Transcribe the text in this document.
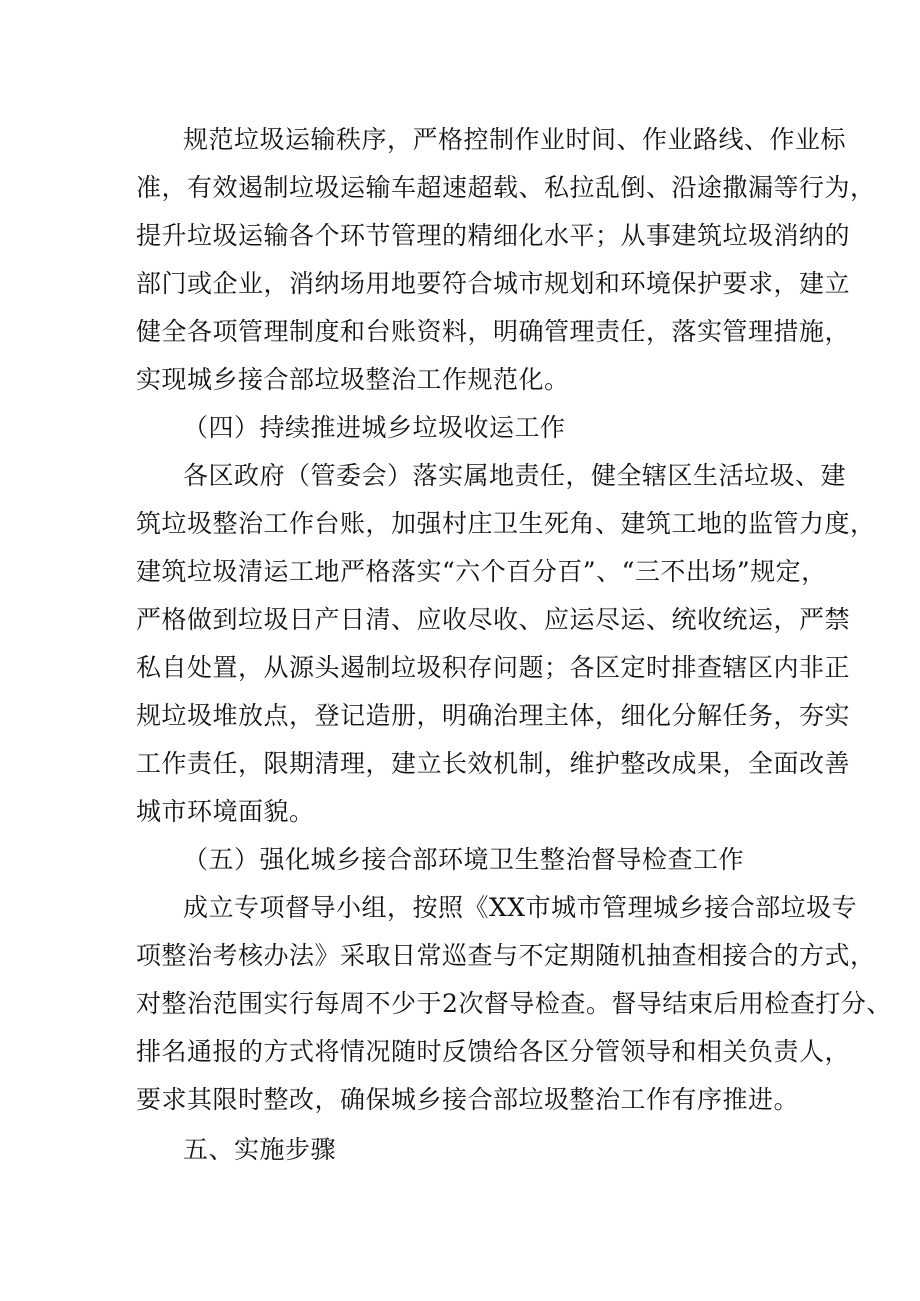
规范垃圾运输秩序，严格控制作业时间、作业路线、作业标
准，有效遏制垃圾运输车超速超载、私拉乱倒、沿途撒漏等行为，
提升垃圾运输各个环节管理的精细化水平；从事建筑垃圾消纳的
部门或企业，消纳场用地要符合城市规划和环境保护要求，建立
健全各项管理制度和台账资料，明确管理责任，落实管理措施，
实现城乡接合部垃圾整治工作规范化。
（四）持续推进城乡垃圾收运工作
各区政府（管委会）落实属地责任，健全辖区生活垃圾、建
筑垃圾整治工作台账，加强村庄卫生死角、建筑工地的监管力度，
建筑垃圾清运工地严格落实“六个百分百”、“三不出场”规定，
严格做到垃圾日产日清、应收尽收、应运尽运、统收统运，严禁
私自处置，从源头遏制垃圾积存问题；各区定时排查辖区内非正
规垃圾堆放点，登记造册，明确治理主体，细化分解任务，夯实
工作责任，限期清理，建立长效机制，维护整改成果，全面改善
城市环境面貌。
（五）强化城乡接合部环境卫生整治督导检查工作
成立专项督导小组，按照《XX市城市管理城乡接合部垃圾专
项整治考核办法》采取日常巡查与不定期随机抽查相接合的方式，
对整治范围实行每周不少于2次督导检查。督导结束后用检查打分、
排名通报的方式将情况随时反馈给各区分管领导和相关负责人，
要求其限时整改，确保城乡接合部垃圾整治工作有序推进。
五、实施步骤
